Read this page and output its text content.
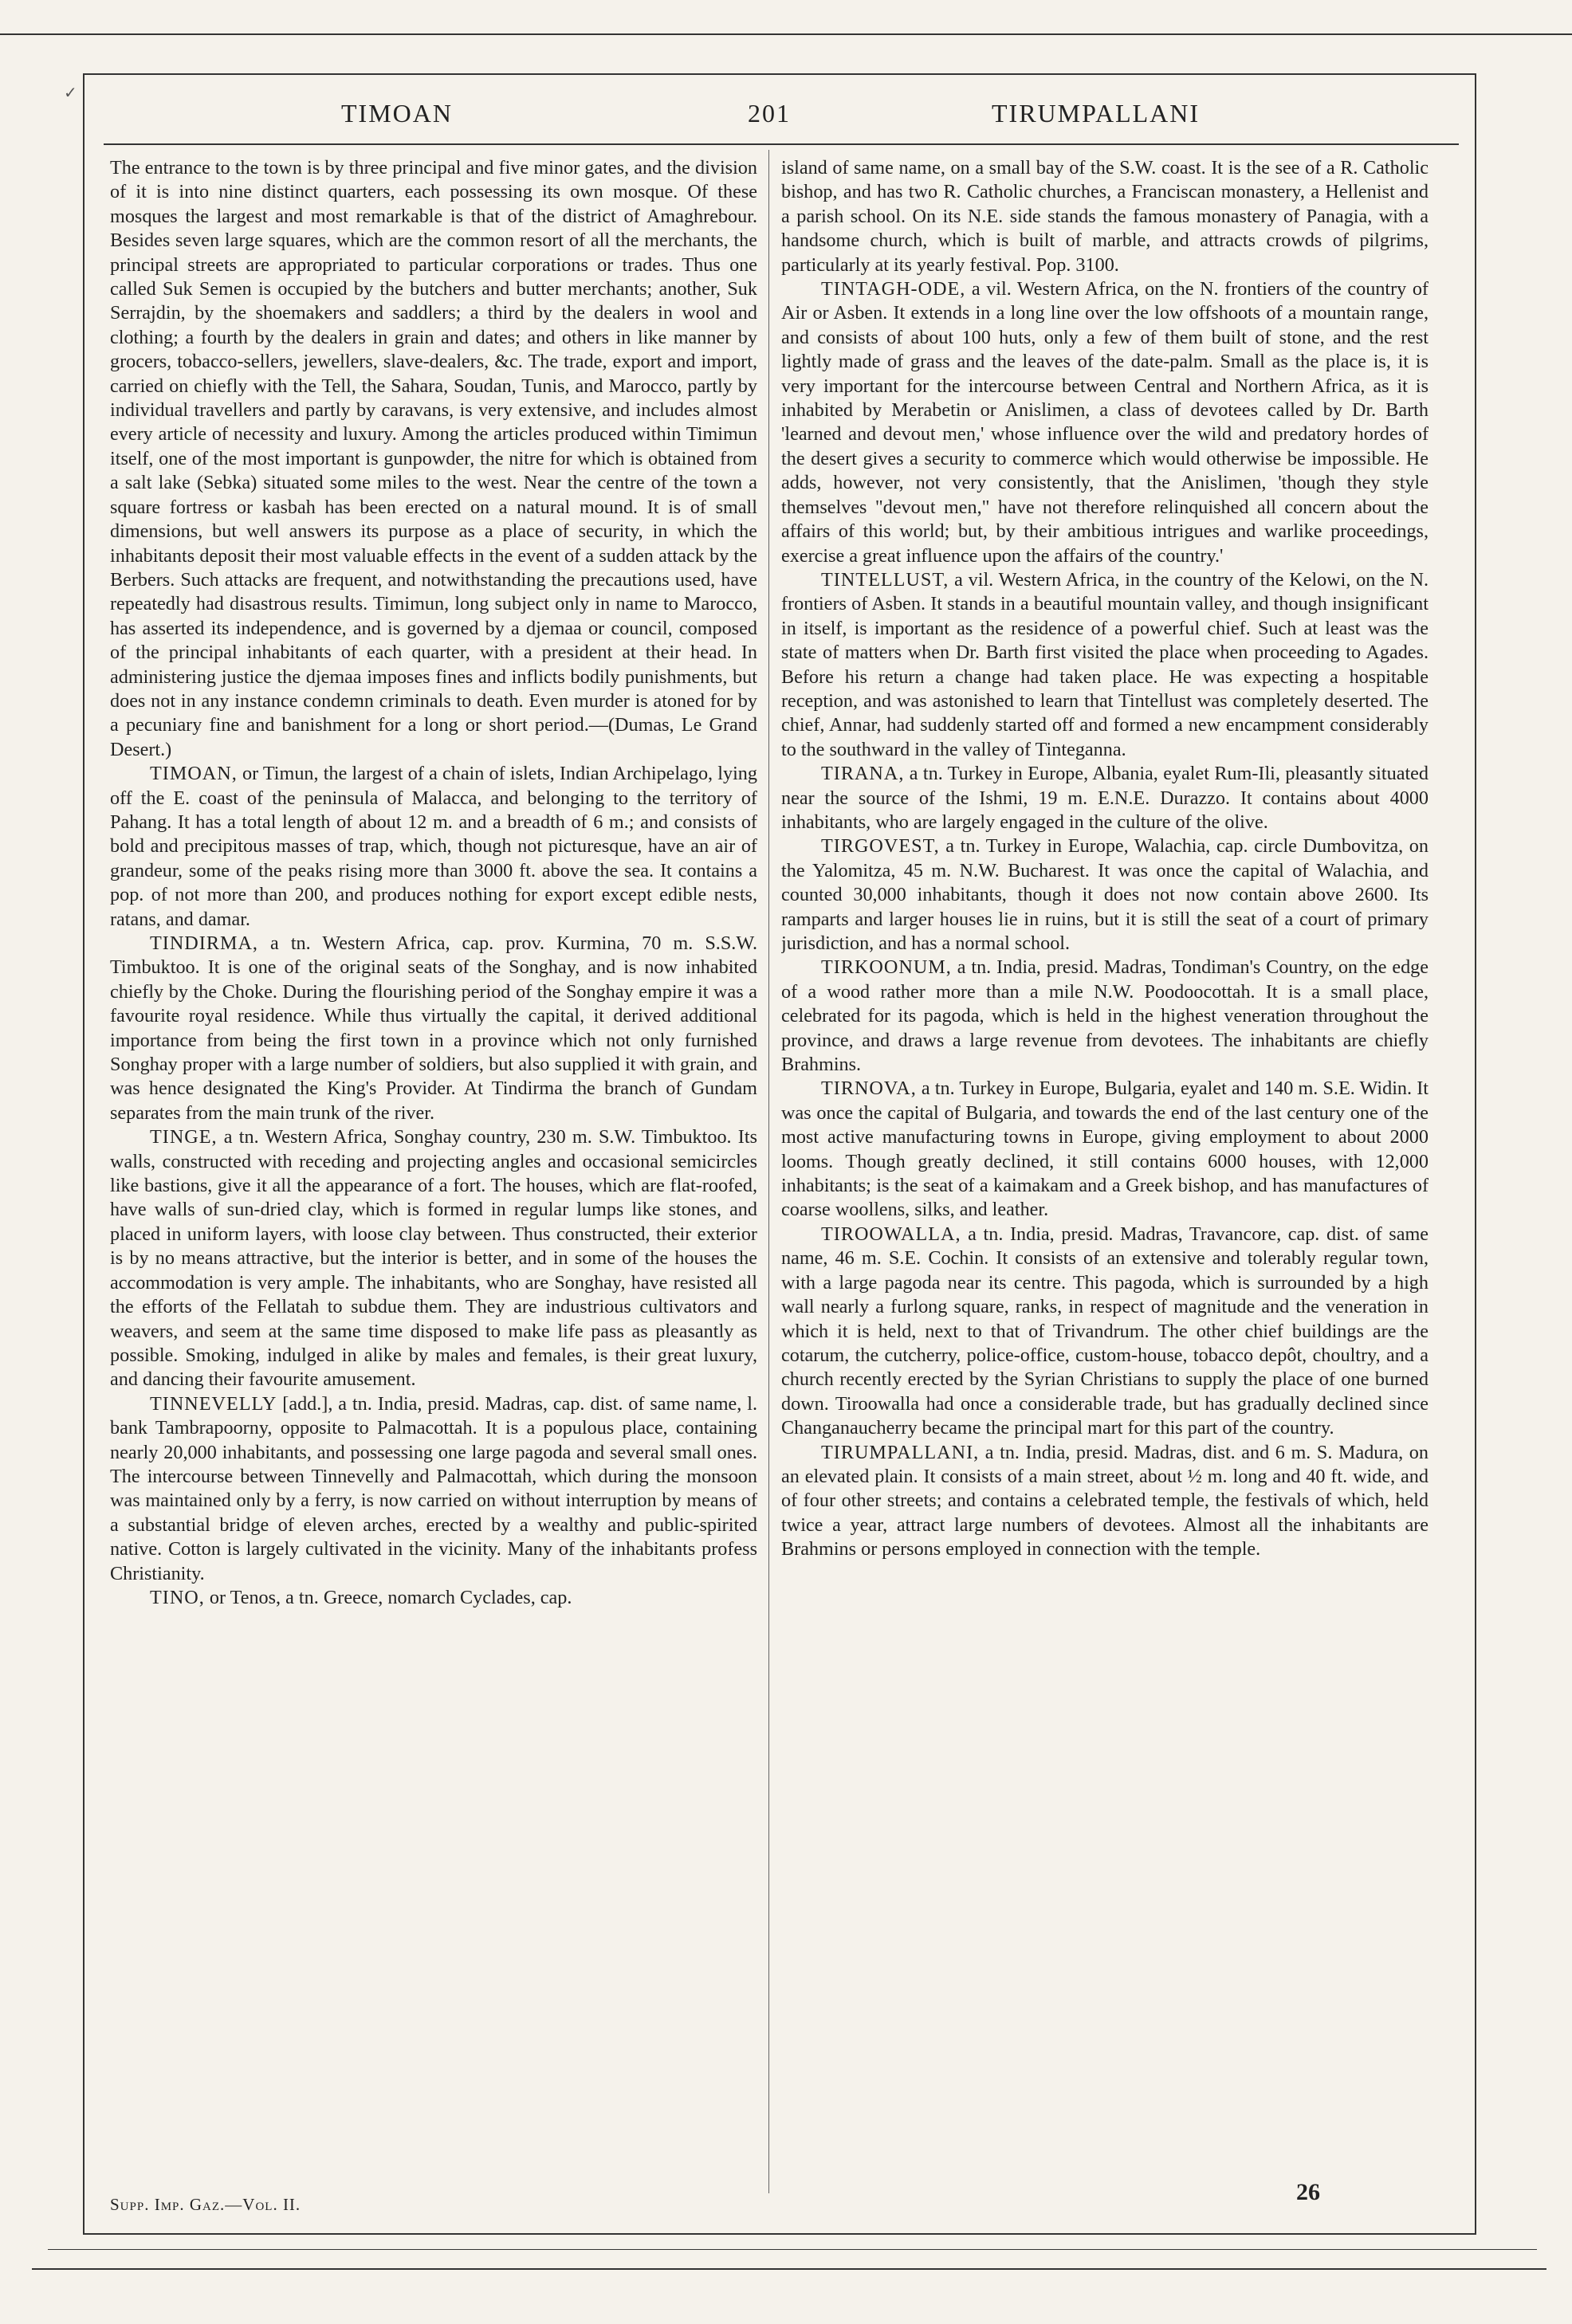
✓
TIMOAN	201	TIRUMPALLANI

The entrance to the town is by three principal and five minor gates, and the division of it is into nine distinct quarters, each possessing its own mosque. Of these mosques the largest and most remarkable is that of the district of Amaghrebour. Besides seven large squares, which are the common resort of all the merchants, the principal streets are appropriated to particular corporations or trades. Thus one called Suk Semen is occupied by the butchers and butter merchants; another, Suk Serrajdin, by the shoemakers and saddlers; a third by the dealers in wool and clothing; a fourth by the dealers in grain and dates; and others in like manner by grocers, tobacco-sellers, jewellers, slave-dealers, &c. The trade, export and import, carried on chiefly with the Tell, the Sahara, Soudan, Tunis, and Marocco, partly by individual travellers and partly by caravans, is very extensive, and includes almost every article of necessity and luxury. Among the articles produced within Timimun itself, one of the most important is gunpowder, the nitre for which is obtained from a salt lake (Sebka) situated some miles to the west. Near the centre of the town a square fortress or kasbah has been erected on a natural mound. It is of small dimensions, but well answers its purpose as a place of security, in which the inhabitants deposit their most valuable effects in the event of a sudden attack by the Berbers. Such attacks are frequent, and notwithstanding the precautions used, have repeatedly had disastrous results. Timimun, long subject only in name to Marocco, has asserted its independence, and is governed by a djemaa or council, composed of the principal inhabitants of each quarter, with a president at their head. In administering justice the djemaa imposes fines and inflicts bodily punishments, but does not in any instance condemn criminals to death. Even murder is atoned for by a pecuniary fine and banishment for a long or short period.—(Dumas, Le Grand Desert.)

TIMOAN, or Timun, the largest of a chain of islets, Indian Archipelago, lying off the E. coast of the peninsula of Malacca, and belonging to the territory of Pahang. It has a total length of about 12 m. and a breadth of 6 m.; and consists of bold and precipitous masses of trap, which, though not picturesque, have an air of grandeur, some of the peaks rising more than 3000 ft. above the sea. It contains a pop. of not more than 200, and produces nothing for export except edible nests, ratans, and damar.

TINDIRMA, a tn. Western Africa, cap. prov. Kurmina, 70 m. S.S.W. Timbuktoo. It is one of the original seats of the Songhay, and is now inhabited chiefly by the Choke. During the flourishing period of the Songhay empire it was a favourite royal residence. While thus virtually the capital, it derived additional importance from being the first town in a province which not only furnished Songhay proper with a large number of soldiers, but also supplied it with grain, and was hence designated the King's Provider. At Tindirma the branch of Gundam separates from the main trunk of the river.

TINGE, a tn. Western Africa, Songhay country, 230 m. S.W. Timbuktoo. Its walls, constructed with receding and projecting angles and occasional semicircles like bastions, give it all the appearance of a fort. The houses, which are flat-roofed, have walls of sun-dried clay, which is formed in regular lumps like stones, and placed in uniform layers, with loose clay between. Thus constructed, their exterior is by no means attractive, but the interior is better, and in some of the houses the accommodation is very ample. The inhabitants, who are Songhay, have resisted all the efforts of the Fellatah to subdue them. They are industrious cultivators and weavers, and seem at the same time disposed to make life pass as pleasantly as possible. Smoking, indulged in alike by males and females, is their great luxury, and dancing their favourite amusement.

TINNEVELLY [add.], a tn. India, presid. Madras, cap. dist. of same name, l. bank Tambrapoorny, opposite to Palmacottah. It is a populous place, containing nearly 20,000 inhabitants, and possessing one large pagoda and several small ones. The intercourse between Tinnevelly and Palmacottah, which during the monsoon was maintained only by a ferry, is now carried on without interruption by means of a substantial bridge of eleven arches, erected by a wealthy and public-spirited native. Cotton is largely cultivated in the vicinity. Many of the inhabitants profess Christianity.

TINO, or Tenos, a tn. Greece, nomarch Cyclades, cap.

island of same name, on a small bay of the S.W. coast. It is the see of a R. Catholic bishop, and has two R. Catholic churches, a Franciscan monastery, a Hellenist and a parish school. On its N.E. side stands the famous monastery of Panagia, with a handsome church, which is built of marble, and attracts crowds of pilgrims, particularly at its yearly festival. Pop. 3100.

TINTAGH-ODE, a vil. Western Africa, on the N. frontiers of the country of Air or Asben. It extends in a long line over the low offshoots of a mountain range, and consists of about 100 huts, only a few of them built of stone, and the rest lightly made of grass and the leaves of the date-palm. Small as the place is, it is very important for the intercourse between Central and Northern Africa, as it is inhabited by Merabetin or Anislimen, a class of devotees called by Dr. Barth 'learned and devout men,' whose influence over the wild and predatory hordes of the desert gives a security to commerce which would otherwise be impossible. He adds, however, not very consistently, that the Anislimen, 'though they style themselves "devout men," have not therefore relinquished all concern about the affairs of this world; but, by their ambitious intrigues and warlike proceedings, exercise a great influence upon the affairs of the country.'

TINTELLUST, a vil. Western Africa, in the country of the Kelowi, on the N. frontiers of Asben. It stands in a beautiful mountain valley, and though insignificant in itself, is important as the residence of a powerful chief. Such at least was the state of matters when Dr. Barth first visited the place when proceeding to Agades. Before his return a change had taken place. He was expecting a hospitable reception, and was astonished to learn that Tintellust was completely deserted. The chief, Annar, had suddenly started off and formed a new encampment considerably to the southward in the valley of Tinteganna.

TIRANA, a tn. Turkey in Europe, Albania, eyalet Rum-Ili, pleasantly situated near the source of the Ishmi, 19 m. E.N.E. Durazzo. It contains about 4000 inhabitants, who are largely engaged in the culture of the olive.

TIRGOVEST, a tn. Turkey in Europe, Walachia, cap. circle Dumbovitza, on the Yalomitza, 45 m. N.W. Bucharest. It was once the capital of Walachia, and counted 30,000 inhabitants, though it does not now contain above 2600. Its ramparts and larger houses lie in ruins, but it is still the seat of a court of primary jurisdiction, and has a normal school.

TIRKOONUM, a tn. India, presid. Madras, Tondiman's Country, on the edge of a wood rather more than a mile N.W. Poodoocottah. It is a small place, celebrated for its pagoda, which is held in the highest veneration throughout the province, and draws a large revenue from devotees. The inhabitants are chiefly Brahmins.

TIRNOVA, a tn. Turkey in Europe, Bulgaria, eyalet and 140 m. S.E. Widin. It was once the capital of Bulgaria, and towards the end of the last century one of the most active manufacturing towns in Europe, giving employment to about 2000 looms. Though greatly declined, it still contains 6000 houses, with 12,000 inhabitants; is the seat of a kaimakam and a Greek bishop, and has manufactures of coarse woollens, silks, and leather.

TIROOWALLA, a tn. India, presid. Madras, Travancore, cap. dist. of same name, 46 m. S.E. Cochin. It consists of an extensive and tolerably regular town, with a large pagoda near its centre. This pagoda, which is surrounded by a high wall nearly a furlong square, ranks, in respect of magnitude and the veneration in which it is held, next to that of Trivandrum. The other chief buildings are the cotarum, the cutcherry, police-office, custom-house, tobacco depôt, choultry, and a church recently erected by the Syrian Christians to supply the place of one burned down. Tiroowalla had once a considerable trade, but has gradually declined since Changanaucherry became the principal mart for this part of the country.

TIRUMPALLANI, a tn. India, presid. Madras, dist. and 6 m. S. Madura, on an elevated plain. It consists of a main street, about ½ m. long and 40 ft. wide, and of four other streets; and contains a celebrated temple, the festivals of which, held twice a year, attract large numbers of devotees. Almost all the inhabitants are Brahmins or persons employed in connection with the temple.

Supp. Imp. Gaz.—Vol. II.	26
